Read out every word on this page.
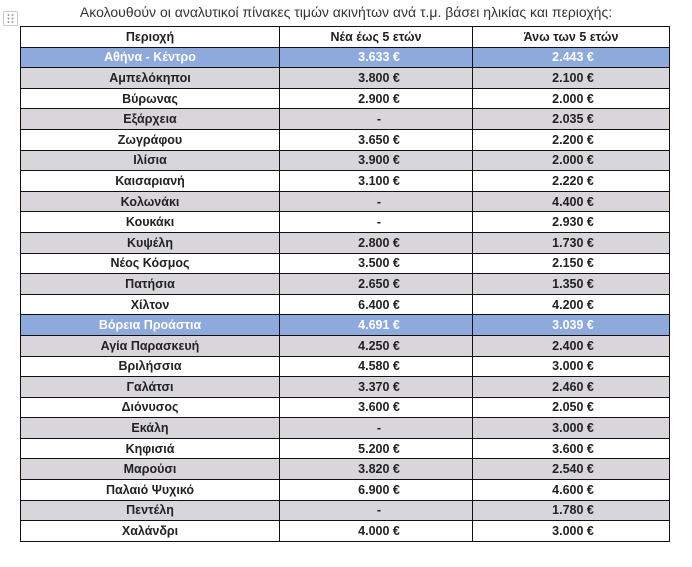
Ακολουθούν οι αναλυτικοί πίνακες τιμών ακινήτων ανά τ.μ. βάσει ηλικίας και περιοχής:
Περιοχή	Νέα έως 5 ετών	Άνω των 5 ετών
Αθήνα - Κέντρο	3.633 €	2.443 €
Αμπελόκηποι	3.800 €	2.100 €
Βύρωνας	2.900 €	2.000 €
Εξάρχεια	-	2.035 €
Ζωγράφου	3.650 €	2.200 €
Ιλίσια	3.900 €	2.000 €
Καισαριανή	3.100 €	2.220 €
Κολωνάκι	-	4.400 €
Κουκάκι	-	2.930 €
Κυψέλη	2.800 €	1.730 €
Νέος Κόσμος	3.500 €	2.150 €
Πατήσια	2.650 €	1.350 €
Χίλτον	6.400 €	4.200 €
Βόρεια Προάστια	4.691 €	3.039 €
Αγία Παρασκευή	4.250 €	2.400 €
Βριλήσσια	4.580 €	3.000 €
Γαλάτσι	3.370 €	2.460 €
Διόνυσος	3.600 €	2.050 €
Εκάλη	-	3.000 €
Κηφισιά	5.200 €	3.600 €
Μαρούσι	3.820 €	2.540 €
Παλαιό Ψυχικό	6.900 €	4.600 €
Πεντέλη	-	1.780 €
Χαλάνδρι	4.000 €	3.000 €
